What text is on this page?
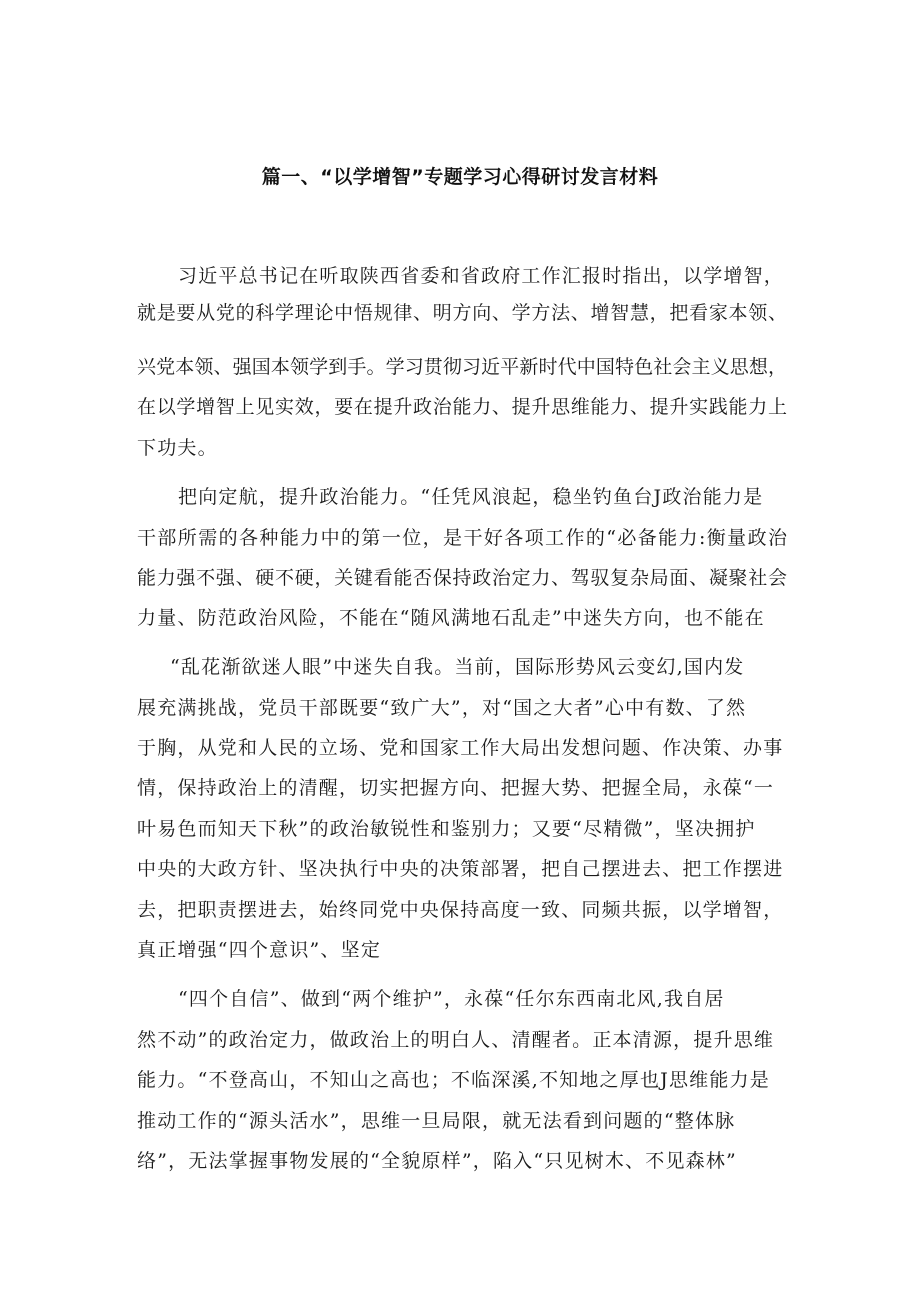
篇一、“以学增智”专题学习心得研讨发言材料
习近平总书记在听取陕西省委和省政府工作汇报时指出，以学增智，
就是要从党的科学理论中悟规律、明方向、学方法、增智慧，把看家本领、
兴党本领、强国本领学到手。学习贯彻习近平新时代中国特色社会主义思想，
在以学增智上见实效，要在提升政治能力、提升思维能力、提升实践能力上
下功夫。
把向定航，提升政治能力。“任凭风浪起，稳坐钓鱼台J政治能力是
干部所需的各种能力中的第一位，是干好各项工作的“必备能力:衡量政治
能力强不强、硬不硬，关键看能否保持政治定力、驾驭复杂局面、凝聚社会
力量、防范政治风险，不能在“随风满地石乱走”中迷失方向，也不能在
“乱花渐欲迷人眼”中迷失自我。当前，国际形势风云变幻,国内发
展充满挑战，党员干部既要“致广大”，对“国之大者”心中有数、了然
于胸，从党和人民的立场、党和国家工作大局出发想问题、作决策、办事
情，保持政治上的清醒，切实把握方向、把握大势、把握全局，永葆“一
叶易色而知天下秋”的政治敏锐性和鉴别力；又要“尽精微”，坚决拥护
中央的大政方针、坚决执行中央的决策部署，把自己摆进去、把工作摆进
去，把职责摆进去，始终同党中央保持高度一致、同频共振，以学增智，
真正增强“四个意识”、坚定
“四个自信”、做到“两个维护”，永葆“任尔东西南北风,我自居
然不动”的政治定力，做政治上的明白人、清醒者。正本清源，提升思维
能力。“不登高山，不知山之高也；不临深溪,不知地之厚也J思维能力是
推动工作的“源头活水”，思维一旦局限，就无法看到问题的“整体脉
络”，无法掌握事物发展的“全貌原样”，陷入“只见树木、不见森林”
